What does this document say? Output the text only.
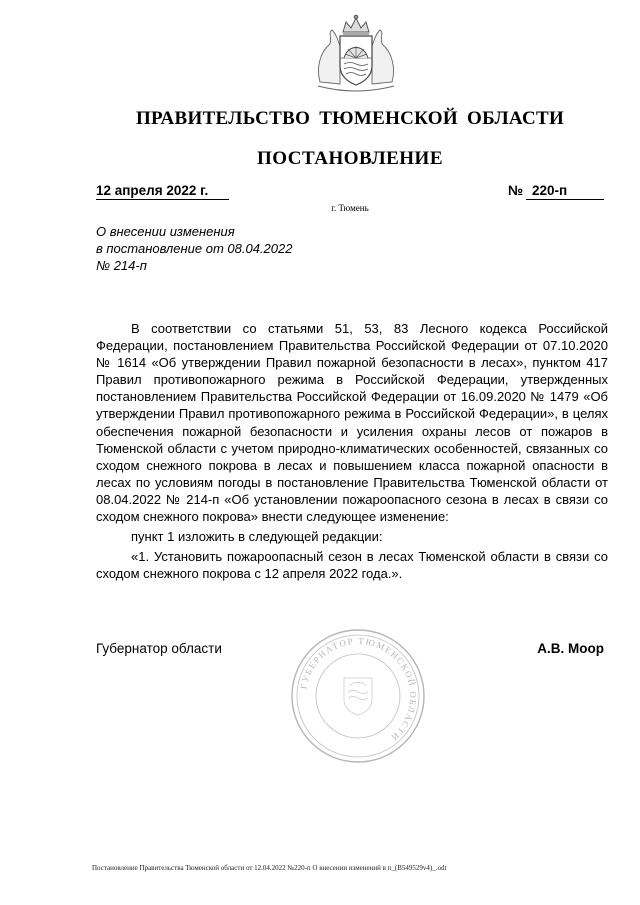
ПРАВИТЕЛЬСТВО ТЮМЕНСКОЙ ОБЛАСТИ
ПОСТАНОВЛЕНИЕ
12 апреля 2022 г.	№ 220-п
г. Тюмень
О внесении изменения
в постановление от 08.04.2022
№ 214-п

В соответствии со статьями 51, 53, 83 Лесного кодекса Российской Федерации, постановлением Правительства Российской Федерации от 07.10.2020 № 1614 «Об утверждении Правил пожарной безопасности в лесах», пунктом 417 Правил противопожарного режима в Российской Федерации, утвержденных постановлением Правительства Российской Федерации от 16.09.2020 № 1479 «Об утверждении Правил противопожарного режима в Российской Федерации», в целях обеспечения пожарной безопасности и усиления охраны лесов от пожаров в Тюменской области с учетом природно-климатических особенностей, связанных со сходом снежного покрова в лесах и повышением класса пожарной опасности в лесах по условиям погоды в постановление Правительства Тюменской области от 08.04.2022 № 214-п «Об установлении пожароопасного сезона в лесах в связи со сходом снежного покрова» внести следующее изменение:

пункт 1 изложить в следующей редакции:

«1. Установить пожароопасный сезон в лесах Тюменской области в связи со сходом снежного покрова с 12 апреля 2022 года.».

ГУБЕРНАТОР ТЮМЕНСКОЙ ОБЛАСТИ
Губернатор области	А.В. Моор
Постановление Правительства Тюменской области от 12.04.2022 №220-п О внесении изменений в п_(B549529v4)_.odt
